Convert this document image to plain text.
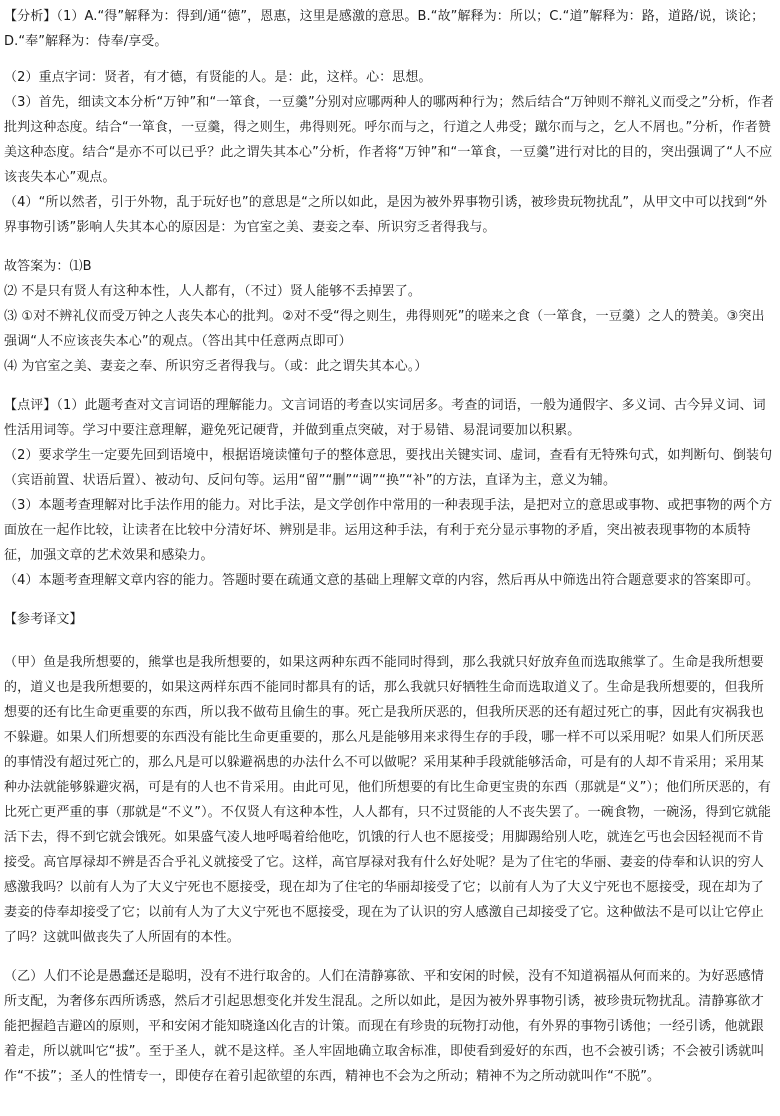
【分析】（1）A.“得”解释为：得到/通“德”，恩惠，这里是感激的意思。B.“故”解释为：所以；C.“道”解释为：路，道路/说，谈论；D.“奉”解释为：侍奉/享受。

（2）重点字词：贤者，有才德，有贤能的人。是：此，这样。心：思想。

（3）首先，细读文本分析“万钟”和“一箪食，一豆羹”分别对应哪两种人的哪两种行为；然后结合“万钟则不辩礼义而受之”分析，作者批判这种态度。结合“一箪食，一豆羹，得之则生，弗得则死。呼尔而与之，行道之人弗受；蹴尔而与之，乞人不屑也。”分析，作者赞美这种态度。结合“是亦不可以已乎？此之谓失其本心”分析，作者将“万钟”和“一箪食，一豆羹”进行对比的目的，突出强调了“人不应该丧失本心”观点。

（4）“所以然者，引于外物，乱于玩好也”的意思是“之所以如此，是因为被外界事物引诱，被珍贵玩物扰乱”，从甲文中可以找到“外界事物引诱”影响人失其本心的原因是：为官室之美、妻妾之奉、所识穷乏者得我与。

故答案为：⑴B

⑵ 不是只有贤人有这种本性，人人都有，（不过）贤人能够不丢掉罢了。

⑶ ①对不辨礼仪而受万钟之人丧失本心的批判。②对不受“得之则生，弗得则死”的嗟来之食（一箪食，一豆羹）之人的赞美。③突出强调“人不应该丧失本心”的观点。（答出其中任意两点即可）

⑷ 为官室之美、妻妾之奉、所识穷乏者得我与。（或：此之谓失其本心。）

【点评】（1）此题考查对文言词语的理解能力。文言词语的考查以实词居多。考查的词语，一般为通假字、多义词、古今异义词、词性活用词等。学习中要注意理解，避免死记硬背，并做到重点突破，对于易错、易混词要加以积累。

（2）要求学生一定要先回到语境中，根据语境读懂句子的整体意思，要找出关键实词、虚词，查看有无特殊句式，如判断句、倒装句（宾语前置、状语后置）、被动句、反问句等。运用“留”“删”“调”“换”“补”的方法，直译为主，意义为辅。

（3）本题考查理解对比手法作用的能力。对比手法，是文学创作中常用的一种表现手法，是把对立的意思或事物、或把事物的两个方面放在一起作比较，让读者在比较中分清好坏、辨别是非。运用这种手法，有利于充分显示事物的矛盾，突出被表现事物的本质特征，加强文章的艺术效果和感染力。

（4）本题考查理解文章内容的能力。答题时要在疏通文意的基础上理解文章的内容，然后再从中筛选出符合题意要求的答案即可。

【参考译文】

（甲）鱼是我所想要的，熊掌也是我所想要的，如果这两种东西不能同时得到，那么我就只好放弃鱼而选取熊掌了。生命是我所想要的，道义也是我所想要的，如果这两样东西不能同时都具有的话，那么我就只好牺牲生命而选取道义了。生命是我所想要的，但我所想要的还有比生命更重要的东西，所以我不做苟且偷生的事。死亡是我所厌恶的，但我所厌恶的还有超过死亡的事，因此有灾祸我也不躲避。如果人们所想要的东西没有能比生命更重要的，那么凡是能够用来求得生存的手段，哪一样不可以采用呢？如果人们所厌恶的事情没有超过死亡的，那么凡是可以躲避祸患的办法什么不可以做呢？采用某种手段就能够活命，可是有的人却不肯采用；采用某种办法就能够躲避灾祸，可是有的人也不肯采用。由此可见，他们所想要的有比生命更宝贵的东西（那就是“义”）；他们所厌恶的，有比死亡更严重的事（那就是“不义”）。不仅贤人有这种本性，人人都有，只不过贤能的人不丧失罢了。一碗食物，一碗汤，得到它就能活下去，得不到它就会饿死。如果盛气凌人地呼喝着给他吃，饥饿的行人也不愿接受；用脚踢给别人吃，就连乞丐也会因轻视而不肯接受。高官厚禄却不辨是否合乎礼义就接受了它。这样，高官厚禄对我有什么好处呢？是为了住宅的华丽、妻妾的侍奉和认识的穷人感激我吗？以前有人为了大义宁死也不愿接受，现在却为了住宅的华丽却接受了它；以前有人为了大义宁死也不愿接受，现在却为了妻妾的侍奉却接受了它；以前有人为了大义宁死也不愿接受，现在为了认识的穷人感激自己却接受了它。这种做法不是可以让它停止了吗？这就叫做丧失了人所固有的本性。

（乙）人们不论是愚蠢还是聪明，没有不进行取舍的。人们在清静寡欲、平和安闲的时候，没有不知道祸福从何而来的。为好恶感情所支配，为奢侈东西所诱惑，然后才引起思想变化并发生混乱。之所以如此，是因为被外界事物引诱，被珍贵玩物扰乱。清静寡欲才能把握趋吉避凶的原则，平和安闲才能知晓逢凶化吉的计策。而现在有珍贵的玩物打动他，有外界的事物引诱他；一经引诱，他就跟着走，所以就叫它“拔”。至于圣人，就不是这样。圣人牢固地确立取舍标准，即使看到爱好的东西，也不会被引诱；不会被引诱就叫作“不拔”；圣人的性情专一，即使存在着引起欲望的东西，精神也不会为之所动；精神不为之所动就叫作“不脱”。
